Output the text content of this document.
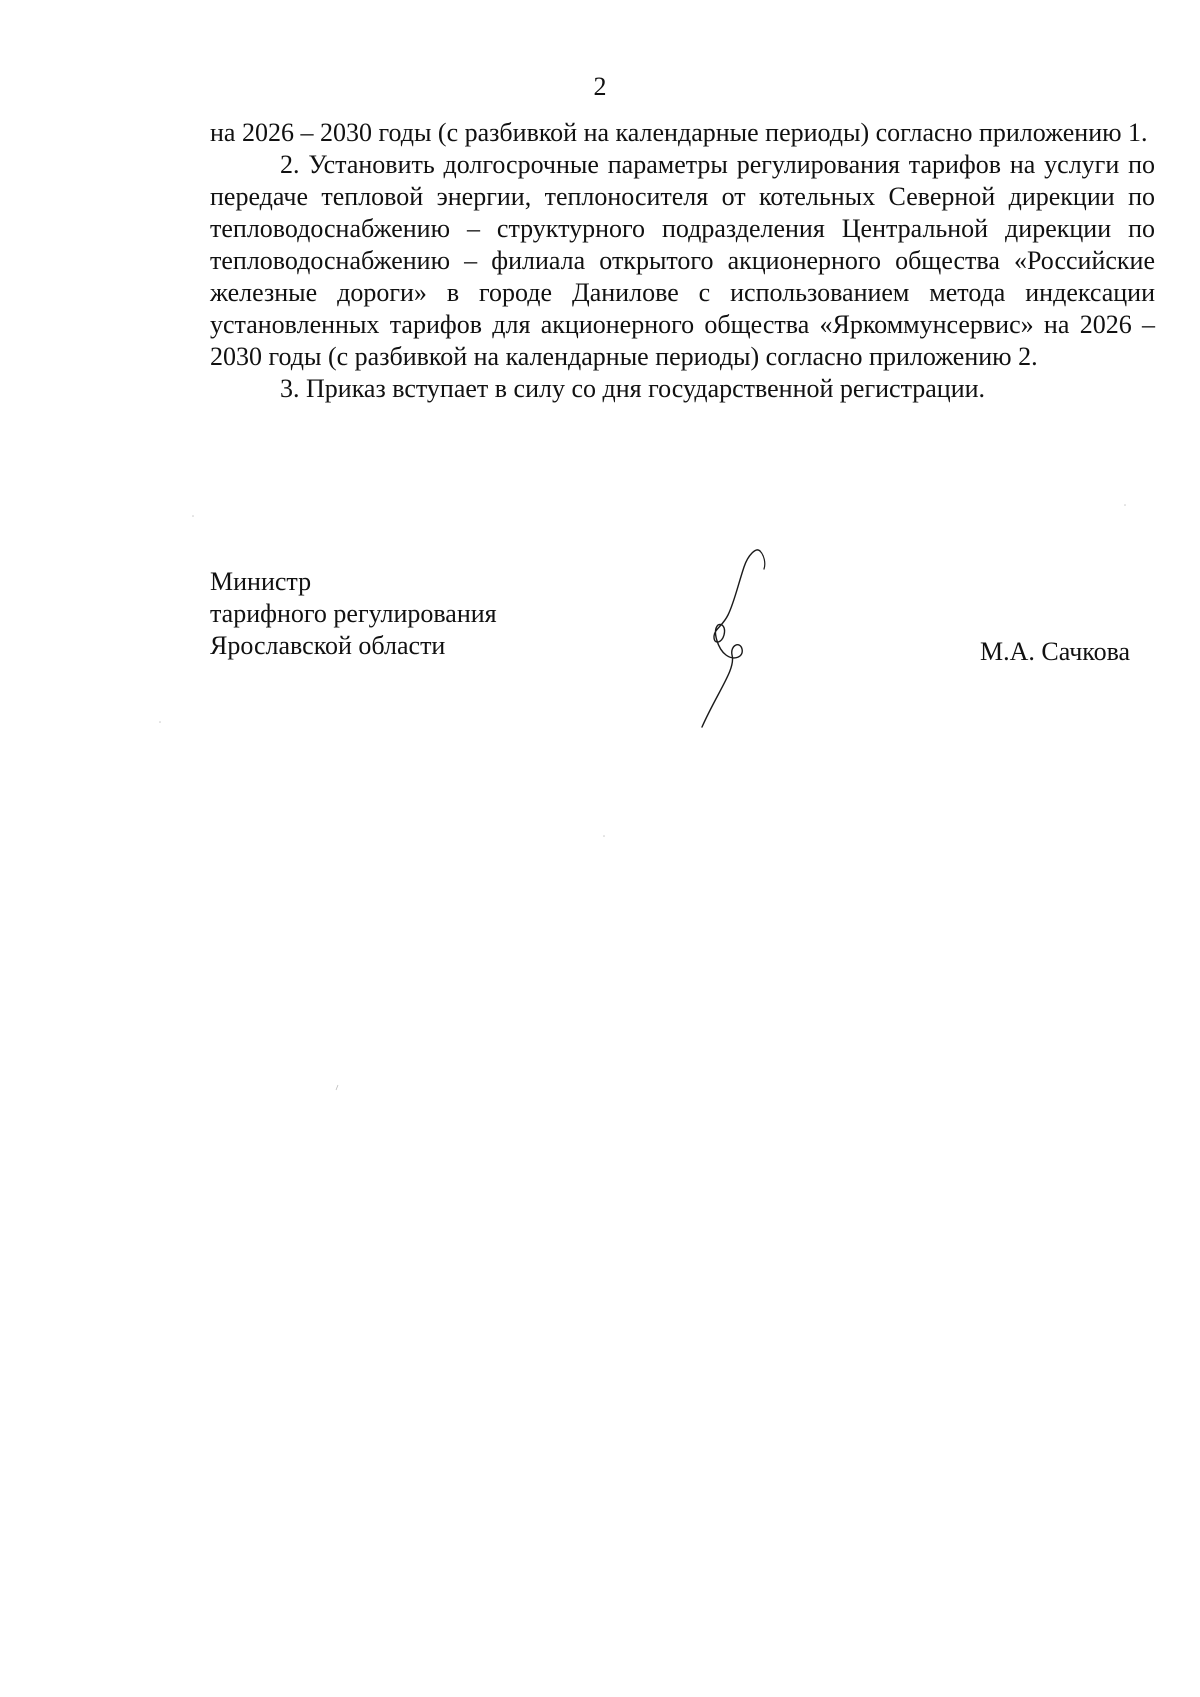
2

на 2026 – 2030 годы (с разбивкой на календарные периоды) согласно приложению 1.

2. Установить долгосрочные параметры регулирования тарифов на услуги по передаче тепловой энергии, теплоносителя от котельных Северной дирекции по тепловодоснабжению – структурного подразделения Центральной дирекции по тепловодоснабжению – филиала открытого акционерного общества «Российские железные дороги» в городе Данилове с использованием метода индексации установленных тарифов для акционерного общества «Яркоммунсервис» на 2026 – 2030 годы (с разбивкой на календарные периоды) согласно приложению 2.

3. Приказ вступает в силу со дня государственной регистрации.

Министр
тарифного регулирования
Ярославской области	М.А. Сачкова
